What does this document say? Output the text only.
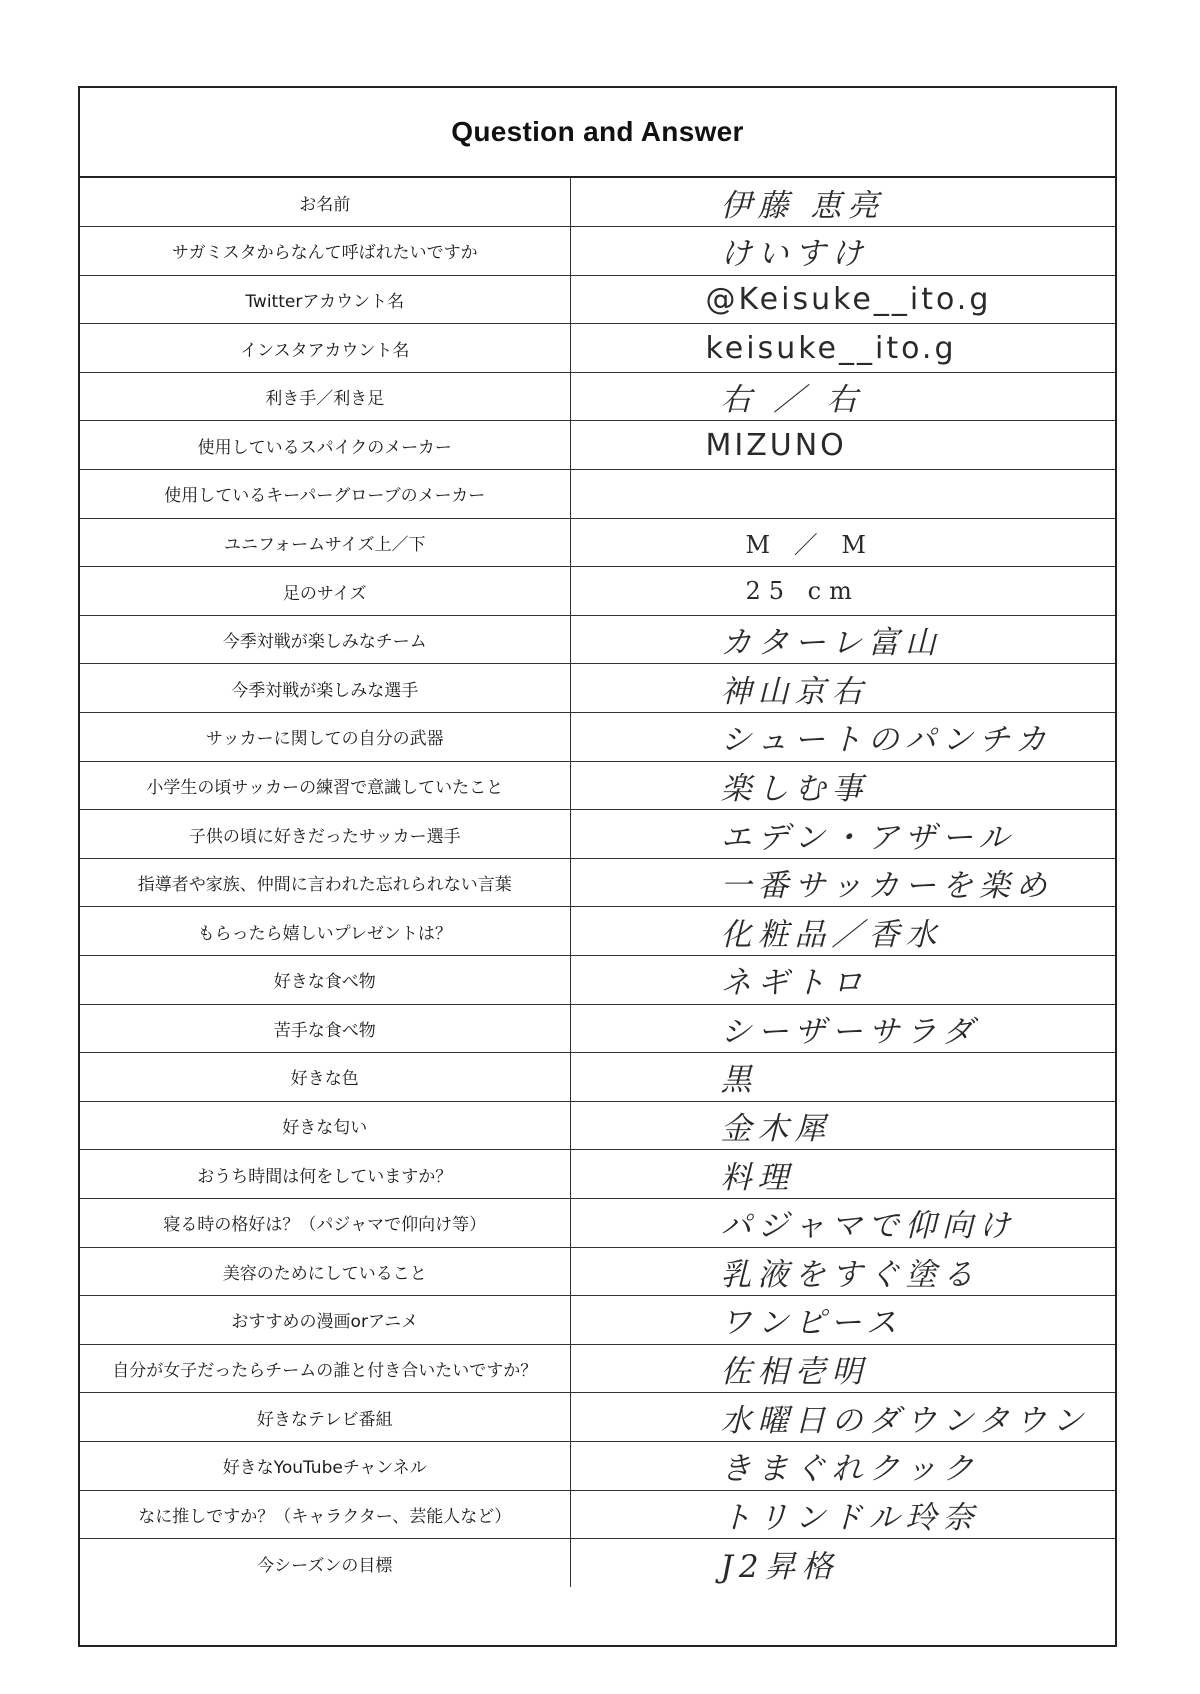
Question and Answer
お名前	伊藤 恵亮
サガミスタからなんて呼ばれたいですか	けいすけ
Twitterアカウント名	@Keisuke__ito.g
インスタアカウント名	keisuke__ito.g
利き手／利き足	右 ／ 右
使用しているスパイクのメーカー	MIZUNO
使用しているキーパーグローブのメーカー	
ユニフォームサイズ上／下	M ／ M
足のサイズ	25 cm
今季対戦が楽しみなチーム	カターレ富山
今季対戦が楽しみな選手	神山京右
サッカーに関しての自分の武器	シュートのパンチカ
小学生の頃サッカーの練習で意識していたこと	楽しむ事
子供の頃に好きだったサッカー選手	エデン・アザール
指導者や家族、仲間に言われた忘れられない言葉	一番サッカーを楽め
もらったら嬉しいプレゼントは？	化粧品／香水
好きな食べ物	ネギトロ
苦手な食べ物	シーザーサラダ
好きな色	黒
好きな匂い	金木犀
おうち時間は何をしていますか？	料理
寝る時の格好は？（パジャマで仰向け等）	パジャマで仰向け
美容のためにしていること	乳液をすぐ塗る
おすすめの漫画orアニメ	ワンピース
自分が女子だったらチームの誰と付き合いたいですか？	佐相壱明
好きなテレビ番組	水曜日のダウンタウン
好きなYouTubeチャンネル	きまぐれクック
なに推しですか？（キャラクター、芸能人など）	トリンドル玲奈
今シーズンの目標	J2昇格
